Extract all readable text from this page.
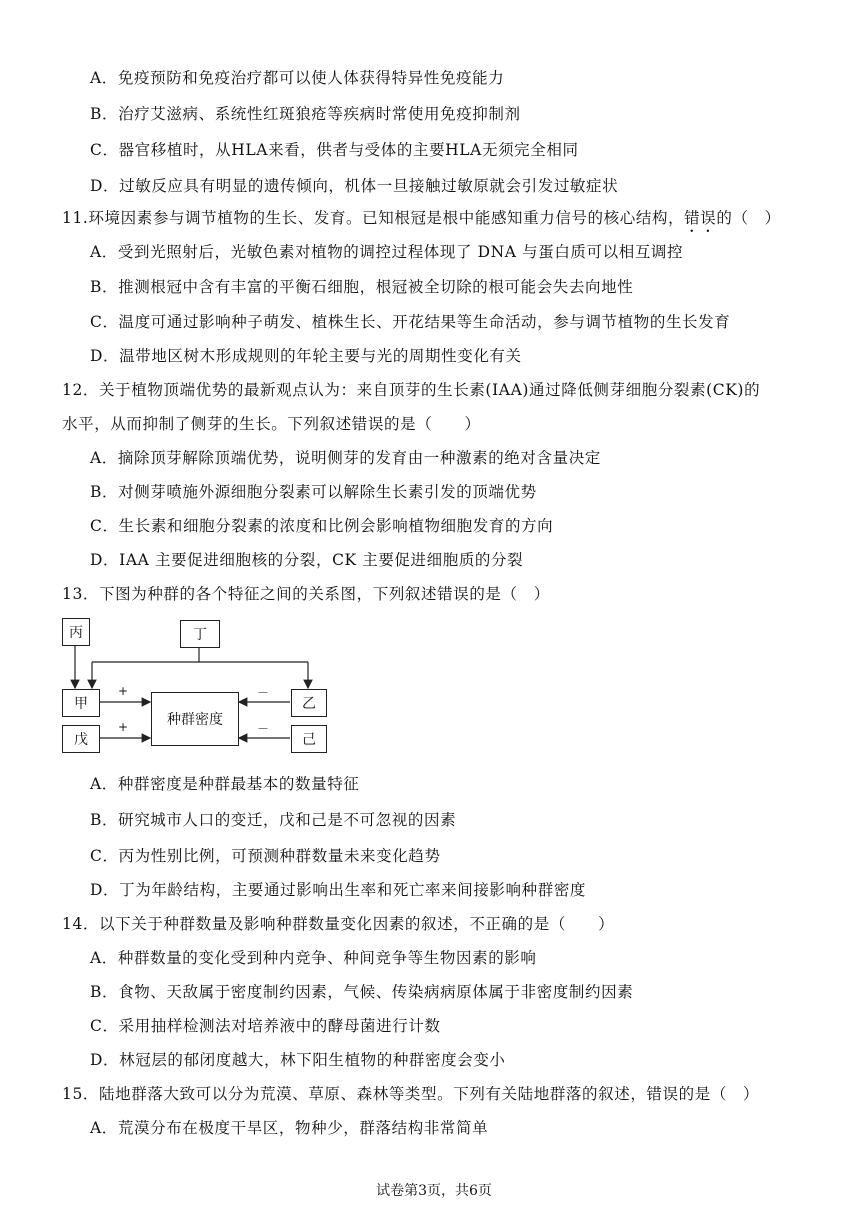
A．免疫预防和免疫治疗都可以使人体获得特异性免疫能力
B．治疗艾滋病、系统性红斑狼疮等疾病时常使用免疫抑制剂
C．器官移植时，从HLA来看，供者与受体的主要HLA无须完全相同
D．过敏反应具有明显的遗传倾向，机体一旦接触过敏原就会引发过敏症状
11.环境因素参与调节植物的生长、发育。已知根冠是根中能感知重力信号的核心结构，错误的（　）
A．受到光照射后，光敏色素对植物的调控过程体现了 DNA 与蛋白质可以相互调控
B．推测根冠中含有丰富的平衡石细胞，根冠被全切除的根可能会失去向地性
C．温度可通过影响种子萌发、植株生长、开花结果等生命活动，参与调节植物的生长发育
D．温带地区树木形成规则的年轮主要与光的周期性变化有关
12．关于植物顶端优势的最新观点认为：来自顶芽的生长素(IAA)通过降低侧芽细胞分裂素(CK)的
水平，从而抑制了侧芽的生长。下列叙述错误的是（　　）
A．摘除顶芽解除顶端优势，说明侧芽的发育由一种激素的绝对含量决定
B．对侧芽喷施外源细胞分裂素可以解除生长素引发的顶端优势
C．生长素和细胞分裂素的浓度和比例会影响植物细胞发育的方向
D．IAA 主要促进细胞核的分裂，CK 主要促进细胞质的分裂
13．下图为种群的各个特征之间的关系图，下列叙述错误的是（　）
丙	丁
甲
戊
种群密度
乙
己
+
+
－
－
A．种群密度是种群最基本的数量特征
B．研究城市人口的变迁，戊和己是不可忽视的因素
C．丙为性别比例，可预测种群数量未来变化趋势
D．丁为年龄结构，主要通过影响出生率和死亡率来间接影响种群密度
14．以下关于种群数量及影响种群数量变化因素的叙述，不正确的是（　　）
A．种群数量的变化受到种内竞争、种间竞争等生物因素的影响
B．食物、天敌属于密度制约因素，气候、传染病病原体属于非密度制约因素
C．采用抽样检测法对培养液中的酵母菌进行计数
D．林冠层的郁闭度越大，林下阳生植物的种群密度会变小
15．陆地群落大致可以分为荒漠、草原、森林等类型。下列有关陆地群落的叙述，错误的是（　）
A．荒漠分布在极度干旱区，物种少，群落结构非常简单
试卷第3页，共6页
